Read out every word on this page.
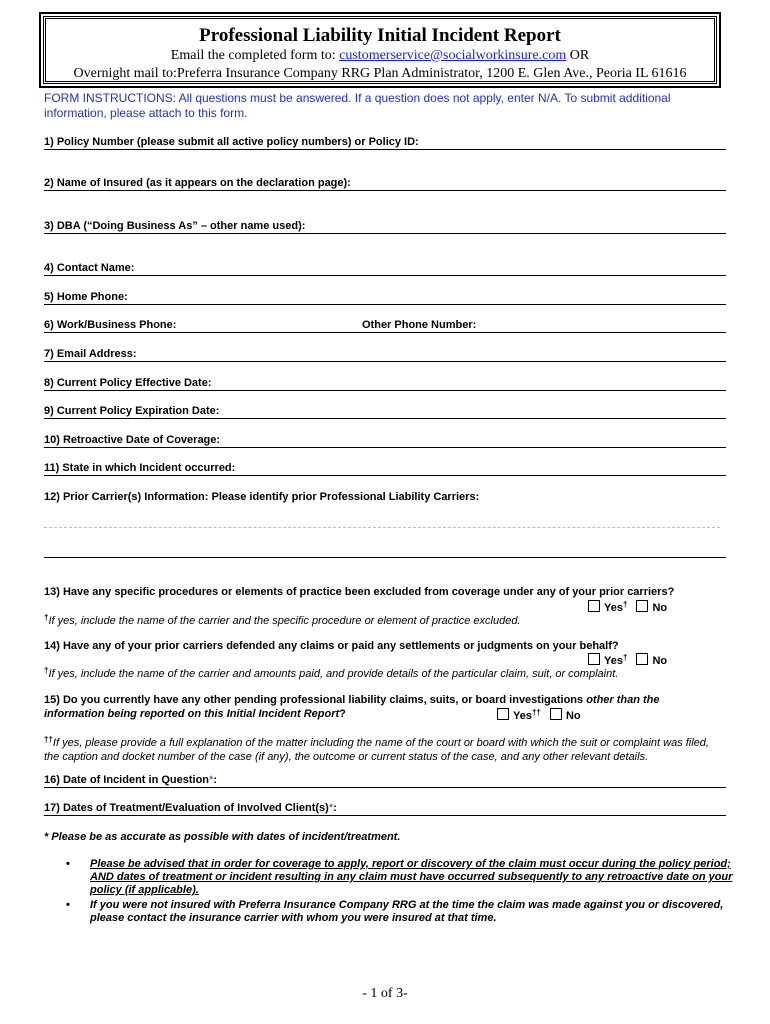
Professional Liability Initial Incident Report
Email the completed form to: customerservice@socialworkinsure.com OR
Overnight mail to:Preferra Insurance Company RRG Plan Administrator, 1200 E. Glen Ave., Peoria IL 61616
FORM INSTRUCTIONS: All questions must be answered. If a question does not apply, enter N/A. To submit additional information, please attach to this form.
1) Policy Number (please submit all active policy numbers) or Policy ID:
2) Name of Insured (as it appears on the declaration page):
3) DBA (“Doing Business As” – other name used):
4) Contact Name:
5) Home Phone:
6) Work/Business Phone:	Other Phone Number:
7) Email Address:
8) Current Policy Effective Date:
9) Current Policy Expiration Date:
10) Retroactive Date of Coverage:
11) State in which Incident occurred:
12) Prior Carrier(s) Information: Please identify prior Professional Liability Carriers:
13) Have any specific procedures or elements of practice been excluded from coverage under any of your prior carriers?
Yes† No
†If yes, include the name of the carrier and the specific procedure or element of practice excluded.
14) Have any of your prior carriers defended any claims or paid any settlements or judgments on your behalf?
Yes† No
†If yes, include the name of the carrier and amounts paid, and provide details of the particular claim, suit, or complaint.
15) Do you currently have any other pending professional liability claims, suits, or board investigations other than the
information being reported on this Initial Incident Report?	Yes†† No
††If yes, please provide a full explanation of the matter including the name of the court or board with which the suit or complaint was filed, the caption and docket number of the case (if any), the outcome or current status of the case, and any other relevant details.
16) Date of Incident in Question*:
17) Dates of Treatment/Evaluation of Involved Client(s)*:
* Please be as accurate as possible with dates of incident/treatment.
• Please be advised that in order for coverage to apply, report or discovery of the claim must occur during the policy period; AND dates of treatment or incident resulting in any claim must have occurred subsequently to any retroactive date on your policy (if applicable).
• If you were not insured with Preferra Insurance Company RRG at the time the claim was made against you or discovered, please contact the insurance carrier with whom you were insured at that time.
- 1 of 3-
